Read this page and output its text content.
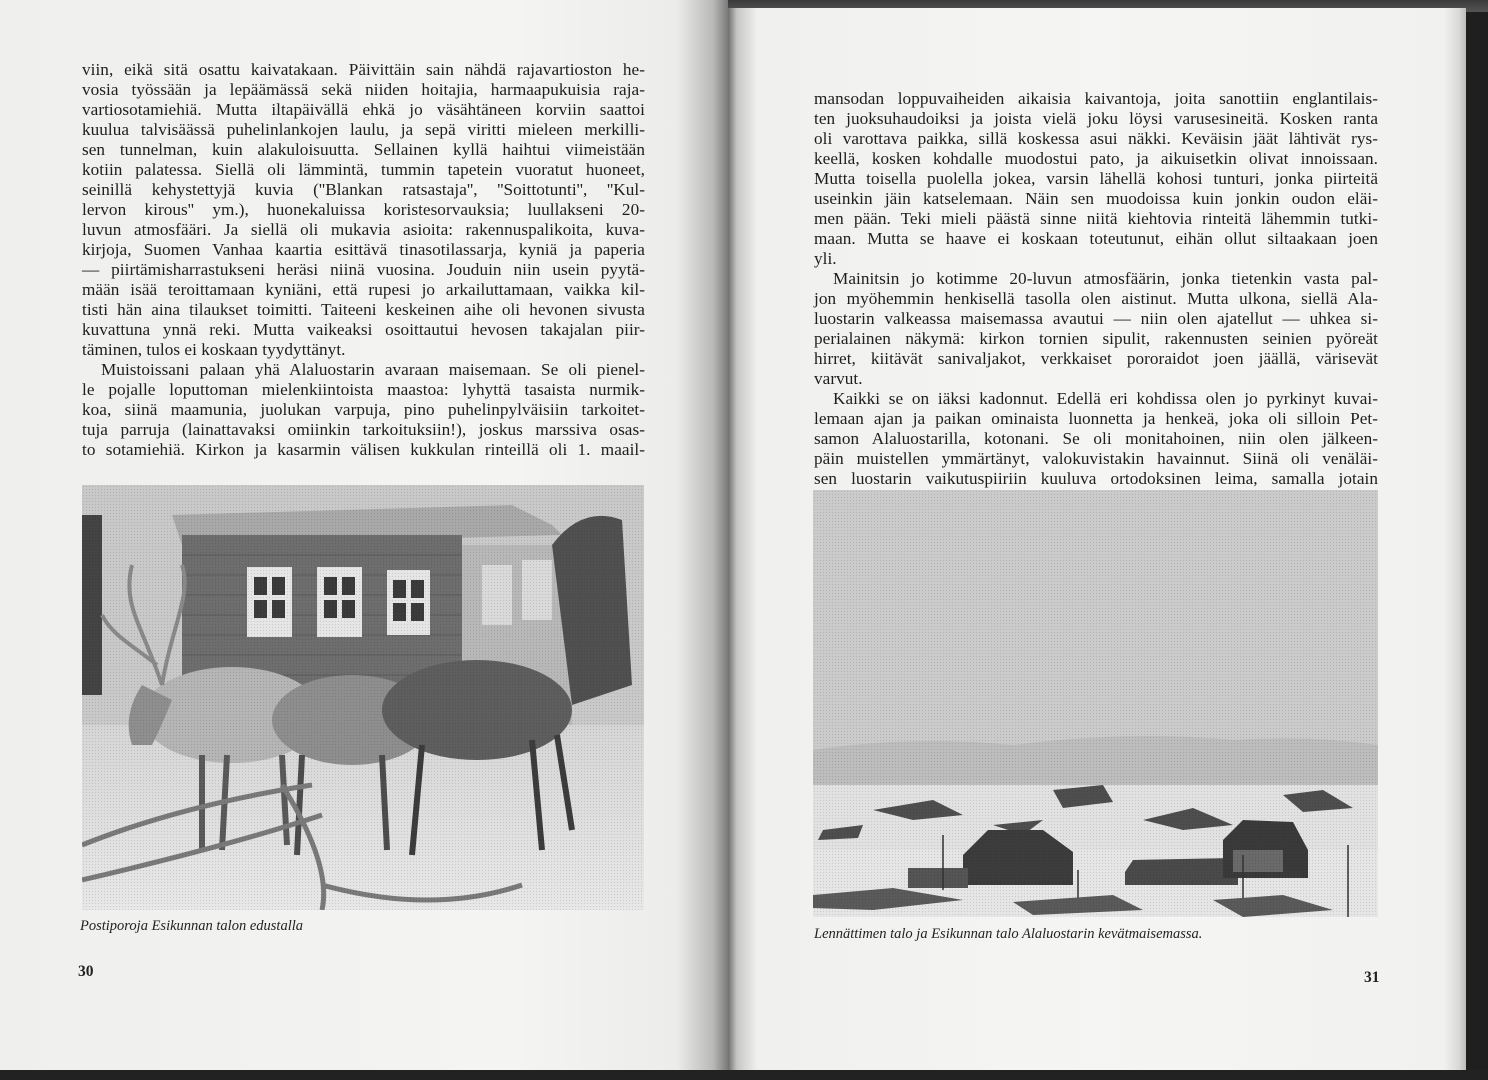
viin, eikä sitä osattu kaivatakaan. Päivittäin sain nähdä rajavartioston he-
vosia työssään ja lepäämässä sekä niiden hoitajia, harmaapukuisia raja-
vartiosotamiehiä. Mutta iltapäivällä ehkä jo väsähtäneen korviin saattoi
kuulua talvisäässä puhelinlankojen laulu, ja sepä viritti mieleen merkilli-
sen tunnelman, kuin alakuloisuutta. Sellainen kyllä haihtui viimeistään
kotiin palatessa. Siellä oli lämmintä, tummin tapetein vuoratut huoneet,
seinillä kehystettyjä kuvia (''Blankan ratsastaja'', ''Soittotunti'', ''Kul-
lervon kirous'' ym.), huonekaluissa koristesorvauksia; luullakseni 20-
luvun atmosfääri. Ja siellä oli mukavia asioita: rakennuspalikoita, kuva-
kirjoja, Suomen Vanhaa kaartia esittävä tinasotilassarja, kyniä ja paperia
— piirtämisharrastukseni heräsi niinä vuosina. Jouduin niin usein pyytä-
mään isää teroittamaan kyniäni, että rupesi jo arkailuttamaan, vaikka kil-
tisti hän aina tilaukset toimitti. Taiteeni keskeinen aihe oli hevonen sivusta
kuvattuna ynnä reki. Mutta vaikeaksi osoittautui hevosen takajalan piir-
täminen, tulos ei koskaan tyydyttänyt.
Muistoissani palaan yhä Alaluostarin avaraan maisemaan. Se oli pienel-
le pojalle loputtoman mielenkiintoista maastoa: lyhyttä tasaista nurmik-
koa, siinä maamunia, juolukan varpuja, pino puhelinpylväisiin tarkoitet-
tuja parruja (lainattavaksi omiinkin tarkoituksiin!), joskus marssiva osas-
to sotamiehiä. Kirkon ja kasarmin välisen kukkulan rinteillä oli 1. maail-
mansodan loppuvaiheiden aikaisia kaivantoja, joita sanottiin englantilais-
ten juoksuhaudoiksi ja joista vielä joku löysi varusesineitä. Kosken ranta
oli varottava paikka, sillä koskessa asui näkki. Keväisin jäät lähtivät rys-
keellä, kosken kohdalle muodostui pato, ja aikuisetkin olivat innoissaan.
Mutta toisella puolella jokea, varsin lähellä kohosi tunturi, jonka piirteitä
useinkin jäin katselemaan. Näin sen muodoissa kuin jonkin oudon eläi-
men pään. Teki mieli päästä sinne niitä kiehtovia rinteitä lähemmin tutki-
maan. Mutta se haave ei koskaan toteutunut, eihän ollut siltaakaan joen
yli.
Mainitsin jo kotimme 20-luvun atmosfäärin, jonka tietenkin vasta pal-
jon myöhemmin henkisellä tasolla olen aistinut. Mutta ulkona, siellä Ala-
luostarin valkeassa maisemassa avautui — niin olen ajatellut — uhkea si-
perialainen näkymä: kirkon tornien sipulit, rakennusten seinien pyöreät
hirret, kiitävät sanivaljakot, verkkaiset pororaidot joen jäällä, värisevät
varvut.
Kaikki se on iäksi kadonnut. Edellä eri kohdissa olen jo pyrkinyt kuvai-
lemaan ajan ja paikan ominaista luonnetta ja henkeä, joka oli silloin Pet-
samon Alaluostarilla, kotonani. Se oli monitahoinen, niin olen jälkeen-
päin muistellen ymmärtänyt, valokuvistakin havainnut. Siinä oli venäläi-
sen luostarin vaikutuspiiriin kuuluva ortodoksinen leima, samalla jotain
Postiporoja Esikunnan talon edustalla	Lennättimen talo ja Esikunnan talo Alaluostarin kevätmaisemassa.
30	31
